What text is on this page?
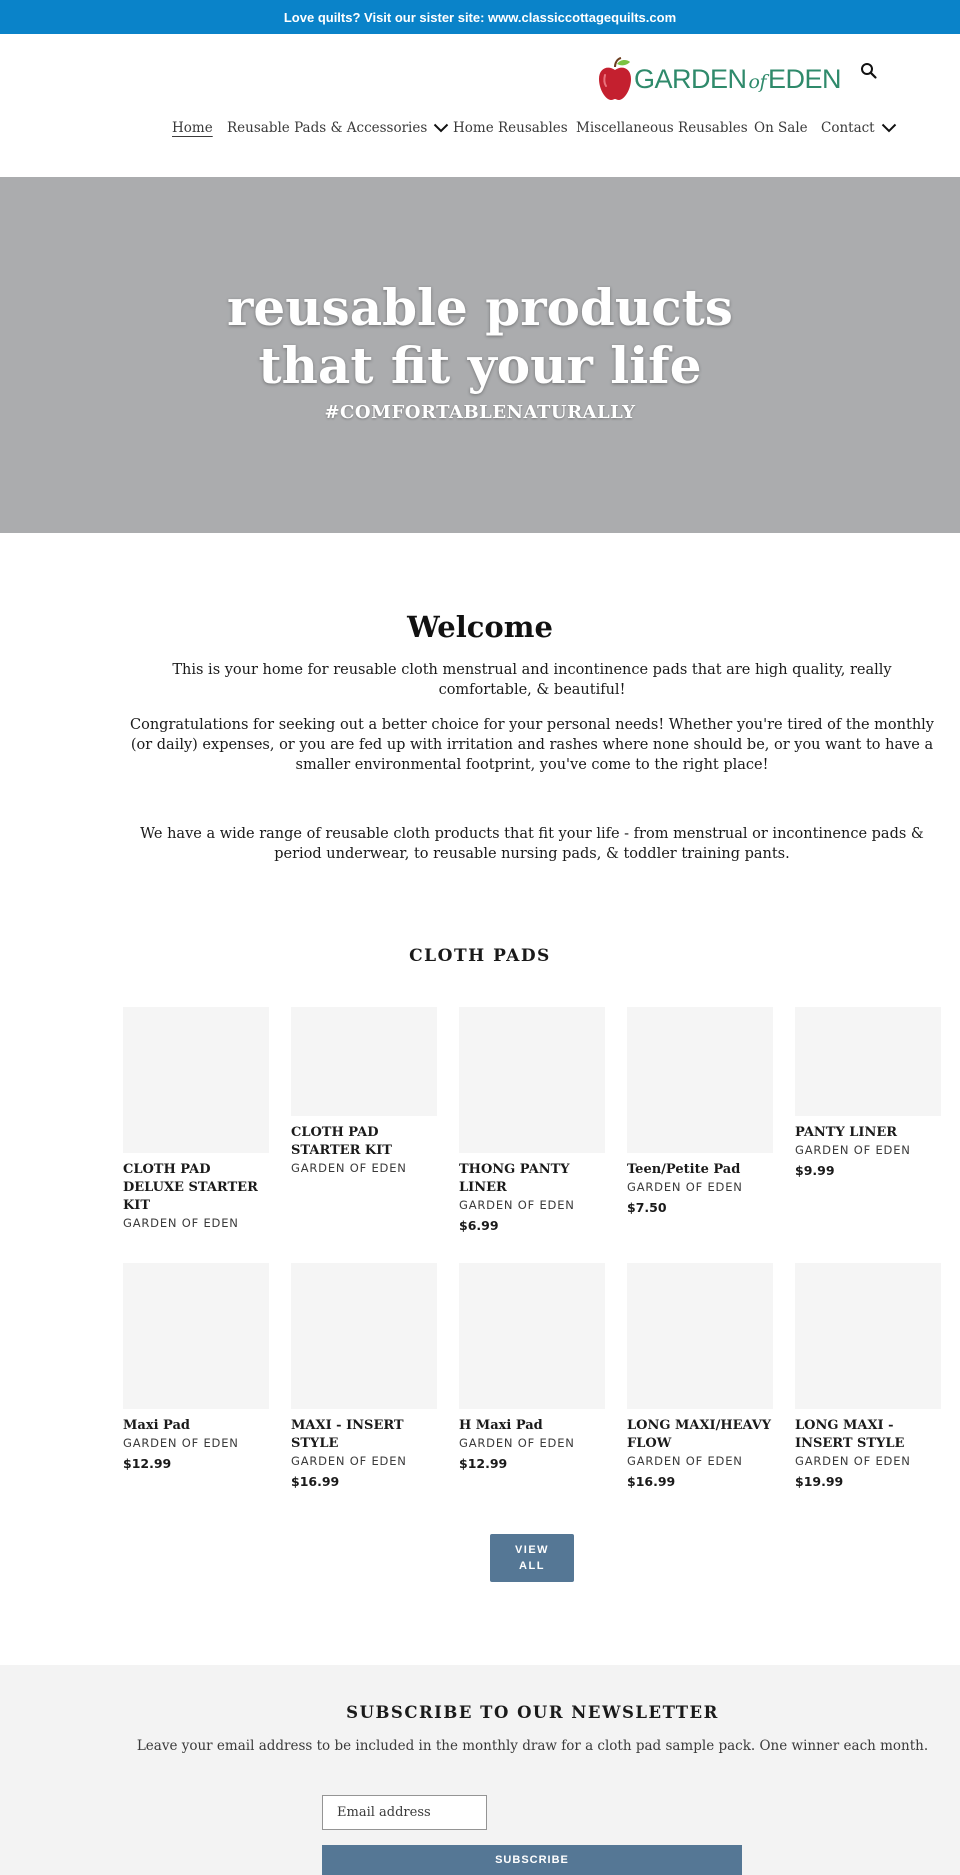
Love quilts? Visit our sister site: www.classiccottagequilts.com
GARDEN of EDEN
Home Reusable Pads & Accessories Home Reusables Miscellaneous Reusables On Sale Contact
reusable products
that fit your life
#COMFORTABLENATURALLY
Welcome

This is your home for reusable cloth menstrual and incontinence pads that are high quality, really comfortable, & beautiful!

Congratulations for seeking out a better choice for your personal needs! Whether you're tired of the monthly (or daily) expenses, or you are fed up with irritation and rashes where none should be, or you want to have a smaller environmental footprint, you've come to the right place!

We have a wide range of reusable cloth products that fit your life - from menstrual or incontinence pads & period underwear, to reusable nursing pads, & toddler training pants.

CLOTH PADS
CLOTH PAD DELUXE STARTER KIT
GARDEN OF EDEN
CLOTH PAD STARTER KIT
GARDEN OF EDEN	THONG PANTY LINER
GARDEN OF EDEN
$6.99
Teen/Petite Pad
GARDEN OF EDEN
$7.50
PANTY LINER
GARDEN OF EDEN
$9.99
Maxi Pad
GARDEN OF EDEN
$12.99
MAXI - INSERT STYLE
GARDEN OF EDEN
$16.99
H Maxi Pad
GARDEN OF EDEN
$12.99
LONG MAXI/HEAVY FLOW
GARDEN OF EDEN
$16.99
LONG MAXI - INSERT STYLE
GARDEN OF EDEN
$19.99
VIEW
ALL
SUBSCRIBE TO OUR NEWSLETTER

Leave your email address to be included in the monthly draw for a cloth pad sample pack. One winner each month.

Email address
SUBSCRIBE
